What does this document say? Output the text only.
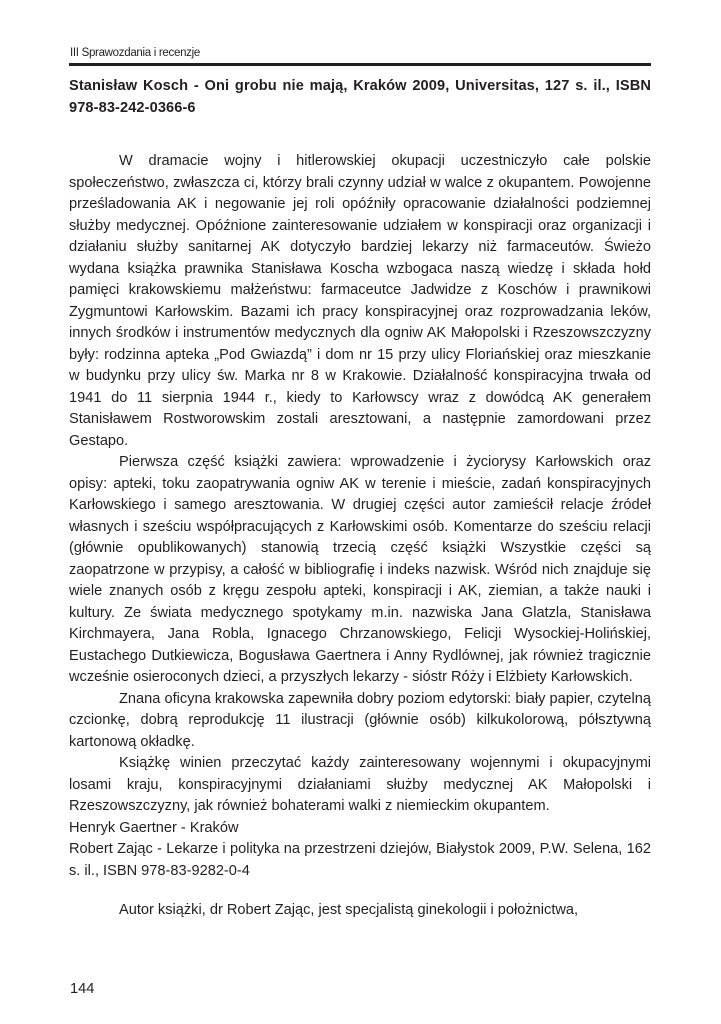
III Sprawozdania i recenzje

Stanisław Kosch - Oni grobu nie mają, Kraków 2009, Universitas, 127 s. il., ISBN 978-83-242-0366-6

W dramacie wojny i hitlerowskiej okupacji uczestniczyło całe polskie społeczeństwo, zwłaszcza ci, którzy brali czynny udział w walce z okupantem. Powojenne prześladowania AK i negowanie jej roli opóźniły opracowanie działalności podziemnej służby medycznej. Opóźnione zainteresowanie udziałem w konspiracji oraz organizacji i działaniu służby sanitarnej AK dotyczyło bardziej lekarzy niż farmaceutów. Świeżo wydana książka prawnika Stanisława Koscha wzbogaca naszą wiedzę i składa hołd pamięci krakowskiemu małżeństwu: farmaceutce Jadwidze z Koschów i prawnikowi Zygmuntowi Karłowskim. Bazami ich pracy konspiracyjnej oraz rozprowadzania leków, innych środków i instrumentów medycznych dla ogniw AK Małopolski i Rzeszowszczyzny były: rodzinna apteka „Pod Gwiazdą” i dom nr 15 przy ulicy Floriańskiej oraz mieszkanie w budynku przy ulicy św. Marka nr 8 w Krakowie. Działalność konspiracyjna trwała od 1941 do 11 sierpnia 1944 r., kiedy to Karłowscy wraz z dowódcą AK generałem Stanisławem Rostworowskim zostali aresztowani, a następnie zamordowani przez Gestapo.

Pierwsza część książki zawiera: wprowadzenie i życiorysy Karłowskich oraz opisy: apteki, toku zaopatrywania ogniw AK w terenie i mieście, zadań konspiracyjnych Karłowskiego i samego aresztowania. W drugiej części autor zamieścił relacje źródeł własnych i sześciu współpracujących z Karłowskimi osób. Komentarze do sześciu relacji (głównie opublikowanych) stanowią trzecią część książki Wszystkie części są zaopatrzone w przypisy, a całość w bibliografię i indeks nazwisk. Wśród nich znajduje się wiele znanych osób z kręgu zespołu apteki, konspiracji i AK, ziemian, a także nauki i kultury. Ze świata medycznego spotykamy m.in. nazwiska Jana Glatzla, Stanisława Kirchmayera, Jana Robla, Ignacego Chrzanowskiego, Felicji Wysockiej-Holińskiej, Eustachego Dutkiewicza, Bogusława Gaertnera i Anny Rydlównej, jak również tragicznie wcześnie osieroconych dzieci, a przyszłych lekarzy - sióstr Róży i Elżbiety Karłowskich.

Znana oficyna krakowska zapewniła dobry poziom edytorski: biały papier, czytelną czcionkę, dobrą reprodukcję 11 ilustracji (głównie osób) kilkukolorową, półsztywną kartonową okładkę.

Książkę winien przeczytać każdy zainteresowany wojennymi i okupacyjnymi losami kraju, konspiracyjnymi działaniami służby medycznej AK Małopolski i Rzeszowszczyzny, jak również bohaterami walki z niemieckim okupantem.

Henryk Gaertner - Kraków

Robert Zając - Lekarze i polityka na przestrzeni dziejów, Białystok 2009, P.W. Selena, 162 s. il., ISBN 978-83-9282-0-4

Autor książki, dr Robert Zając, jest specjalistą ginekologii i położnictwa,

144
